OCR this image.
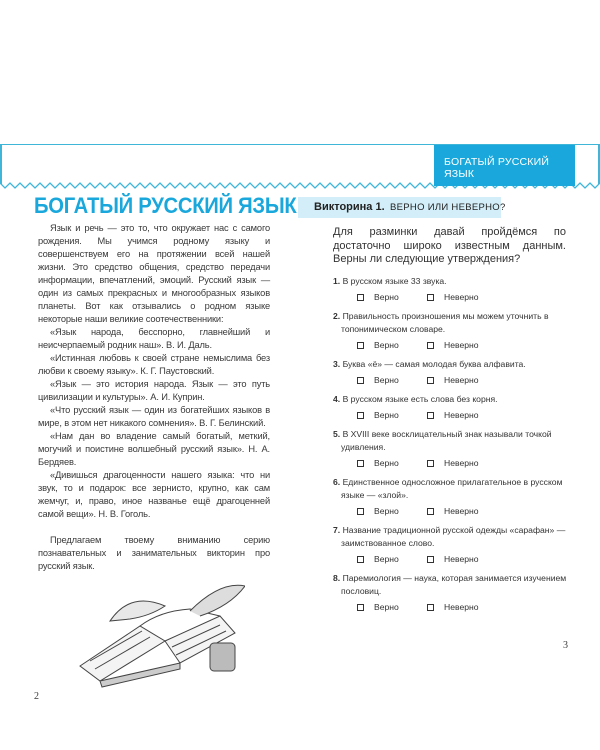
БОГАТЫЙ РУССКИЙ ЯЗЫК
БОГАТЫЙ РУССКИЙ ЯЗЫК

Язык и речь — это то, что окружает нас с самого рождения. Мы учимся родному языку и совершенствуем его на протяжении всей нашей жизни. Это средство общения, средство передачи информации, впечатлений, эмоций. Русский язык — один из самых прекрасных и многообразных языков планеты. Вот как отзывались о родном языке некоторые наши великие соотечественники:

«Язык народа, бесспорно, главнейший и неисчерпаемый родник наш». В. И. Даль.

«Истинная любовь к своей стране немыслима без любви к своему языку». К. Г. Паустовский.

«Язык — это история народа. Язык — это путь цивилизации и культуры». А. И. Куприн.

«Что русский язык — один из богатейших языков в мире, в этом нет никакого сомнения». В. Г. Белинский.

«Нам дан во владение самый богатый, меткий, могучий и поистине волшебный русский язык». Н. А. Бердяев.

«Дивишься драгоценности нашего языка: что ни звук, то и подарок: все зернисто, крупно, как сам жемчуг, и, право, иное названье ещё драгоценней самой вещи». Н. В. Гоголь.

Предлагаем твоему вниманию серию познавательных и занимательных викторин про русский язык.

2
Викторина 1. ВЕРНО ИЛИ НЕВЕРНО?
Для разминки давай пройдёмся по достаточно широко известным данным. Верны ли следующие утверждения?
1. В русском языке 33 звука.
Верно	Неверно
2. Правильность произношения мы можем уточнить в топонимическом словаре.
Верно	Неверно
3. Буква «ё» — самая молодая буква алфавита.
Верно	Неверно
4. В русском языке есть слова без корня.
Верно	Неверно
5. В XVIII веке восклицательный знак называли точкой удивления.
Верно	Неверно
6. Единственное односложное прилагательное в русском языке — «злой».
Верно	Неверно
7. Название традиционной русской одежды «сарафан» — заимствованное слово.
Верно	Неверно
8. Паремиология — наука, которая занимается изучением пословиц.
Верно	Неверно
3
